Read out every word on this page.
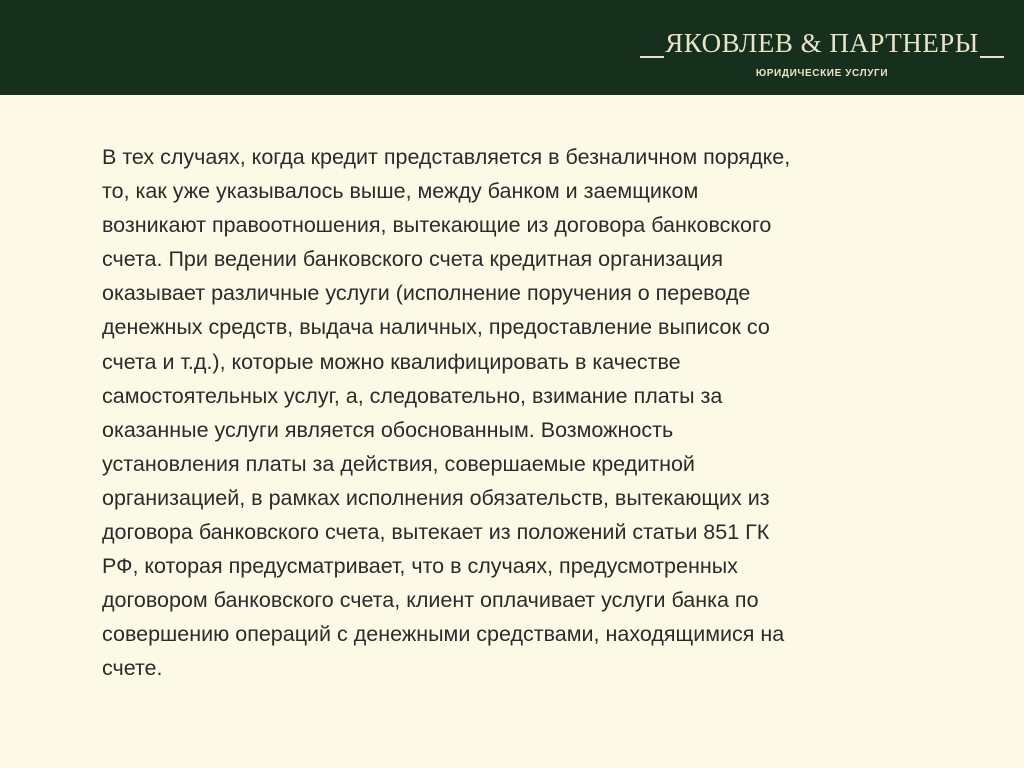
ЯКОВЛЕВ & ПАРТНЕРЫ
ЮРИДИЧЕСКИЕ УСЛУГИ

В тех случаях, когда кредит представляется в безналичном порядке,
то, как уже указывалось выше, между банком и заемщиком
возникают правоотношения, вытекающие из договора банковского
счета. При ведении банковского счета кредитная организация
оказывает различные услуги (исполнение поручения о переводе
денежных средств, выдача наличных, предоставление выписок со
счета и т.д.), которые можно квалифицировать в качестве
самостоятельных услуг, а, следовательно, взимание платы за
оказанные услуги является обоснованным. Возможность
установления платы за действия, совершаемые кредитной
организацией, в рамках исполнения обязательств, вытекающих из
договора банковского счета, вытекает из положений статьи 851 ГК
РФ, которая предусматривает, что в случаях, предусмотренных
договором банковского счета, клиент оплачивает услуги банка по
совершению операций с денежными средствами, находящимися на
счете.
